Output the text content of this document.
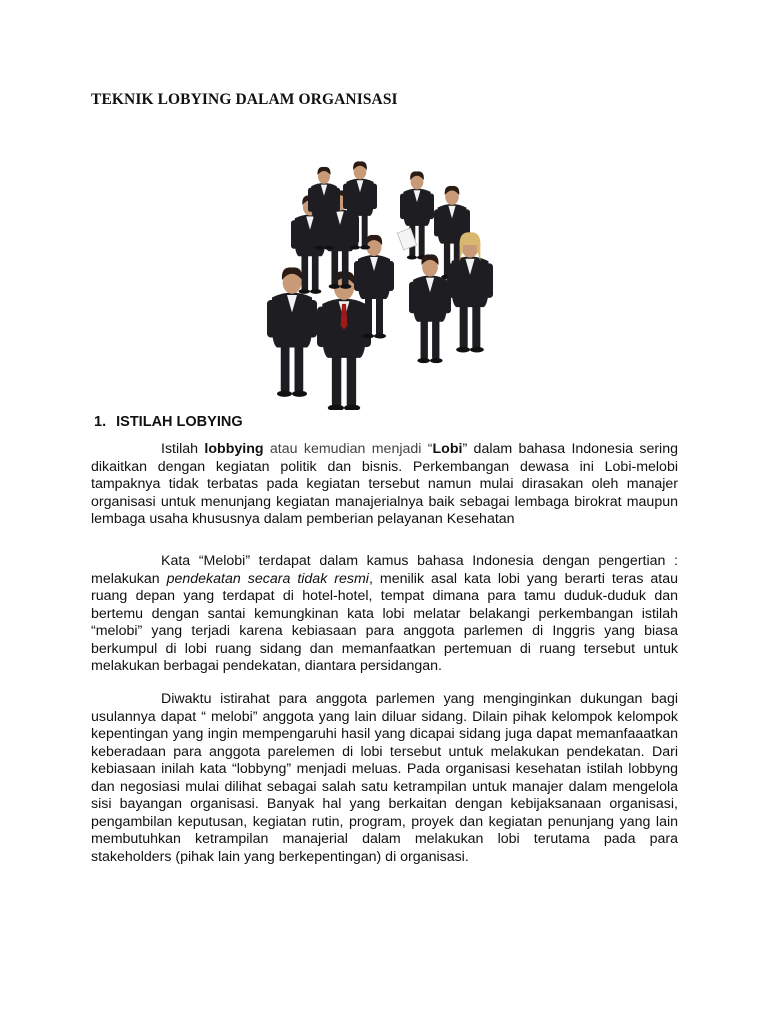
TEKNIK LOBYING DALAM ORGANISASI
1. ISTILAH LOBYING

Istilah lobbying atau kemudian menjadi “Lobi” dalam bahasa Indonesia sering dikaitkan dengan kegiatan politik dan bisnis. Perkembangan dewasa ini Lobi-melobi tampaknya tidak terbatas pada kegiatan tersebut namun mulai dirasakan oleh manajer organisasi untuk menunjang kegiatan manajerialnya baik sebagai lembaga birokrat maupun lembaga usaha khususnya dalam pemberian pelayanan Kesehatan

Kata “Melobi” terdapat dalam kamus bahasa Indonesia dengan pengertian : melakukan pendekatan secara tidak resmi, menilik asal kata lobi yang berarti teras atau ruang depan yang terdapat di hotel-hotel, tempat dimana para tamu duduk-duduk dan bertemu dengan santai kemungkinan kata lobi melatar belakangi perkembangan istilah “melobi” yang terjadi karena kebiasaan para anggota parlemen di Inggris yang biasa berkumpul di lobi ruang sidang dan memanfaatkan pertemuan di ruang tersebut untuk melakukan berbagai pendekatan, diantara persidangan.

Diwaktu istirahat para anggota parlemen yang menginginkan dukungan bagi usulannya dapat “ melobi” anggota yang lain diluar sidang. Dilain pihak kelompok kelompok kepentingan yang ingin mempengaruhi hasil yang dicapai sidang juga dapat memanfaaatkan keberadaan para anggota parelemen di lobi tersebut untuk melakukan pendekatan. Dari kebiasaan inilah kata “lobbyng” menjadi meluas. Pada organisasi kesehatan istilah lobbyng dan negosiasi mulai dilihat sebagai salah satu ketrampilan untuk manajer dalam mengelola sisi bayangan organisasi. Banyak hal yang berkaitan dengan kebijaksanaan organisasi, pengambilan keputusan, kegiatan rutin, program, proyek dan kegiatan penunjang yang lain membutuhkan ketrampilan manajerial dalam melakukan lobi terutama pada para stakeholders (pihak lain yang berkepentingan) di organisasi.
